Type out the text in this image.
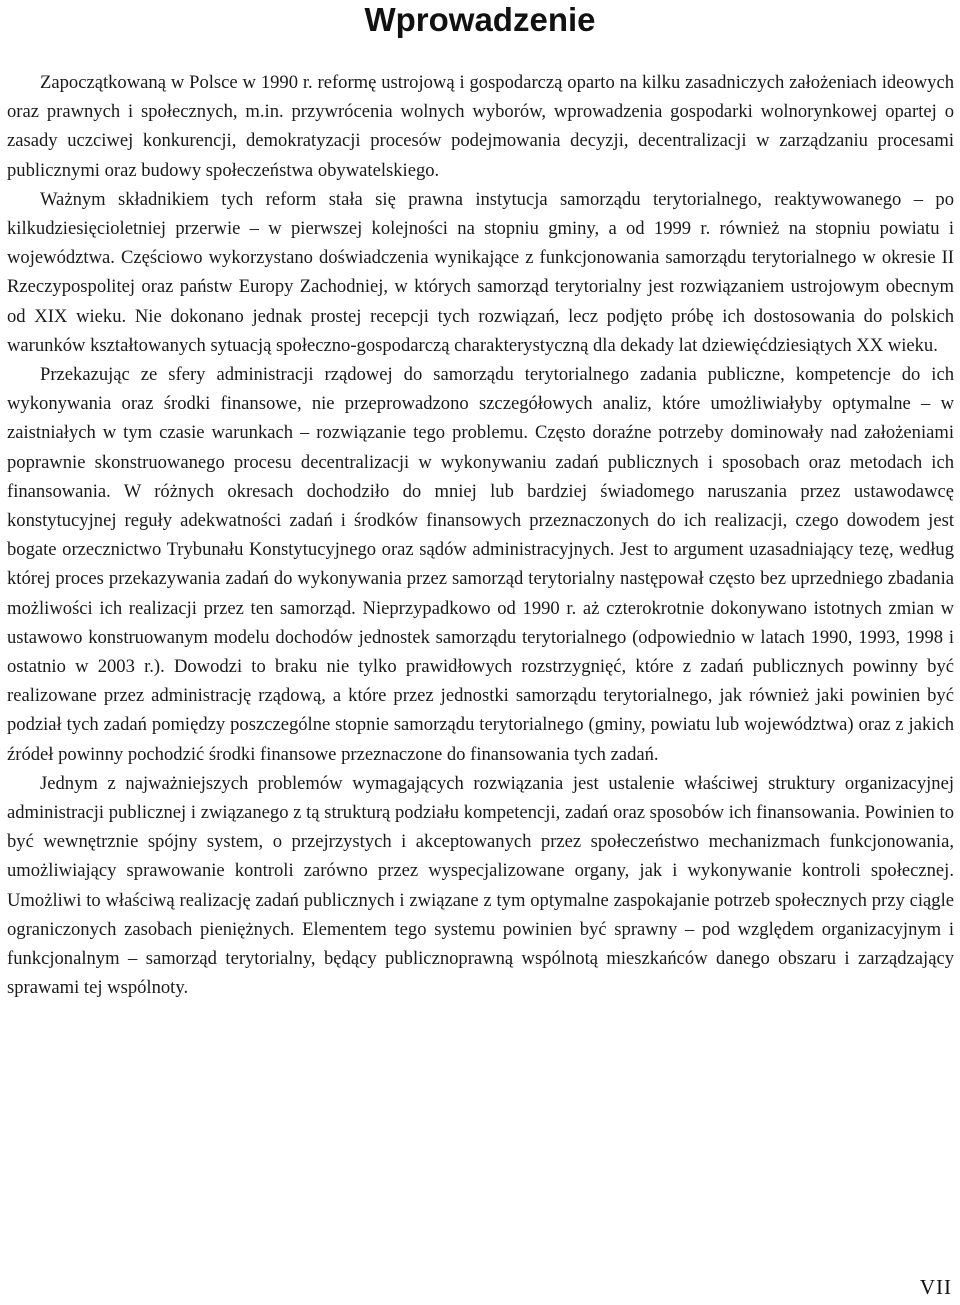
Wprowadzenie

Zapoczątkowaną w Polsce w 1990 r. reformę ustrojową i gospodarczą oparto na kilku zasadniczych założeniach ideowych oraz prawnych i społecznych, m.in. przywrócenia wolnych wyborów, wprowadzenia gospodarki wolnorynkowej opartej o zasady uczciwej konkurencji, demokratyzacji procesów podejmowania decyzji, decentralizacji w zarządzaniu procesami publicznymi oraz budowy społeczeństwa obywatelskiego.

Ważnym składnikiem tych reform stała się prawna instytucja samorządu terytorialnego, reaktywowanego – po kilkudziesięcioletniej przerwie – w pierwszej kolejności na stopniu gminy, a od 1999 r. również na stopniu powiatu i województwa. Częściowo wykorzystano doświadczenia wynikające z funkcjonowania samorządu terytorialnego w okresie II Rzeczypospolitej oraz państw Europy Zachodniej, w których samorząd terytorialny jest rozwiązaniem ustrojowym obecnym od XIX wieku. Nie dokonano jednak prostej recepcji tych rozwiązań, lecz podjęto próbę ich dostosowania do polskich warunków kształtowanych sytuacją społeczno-gospodarczą charakterystyczną dla dekady lat dziewięćdziesiątych XX wieku.

Przekazując ze sfery administracji rządowej do samorządu terytorialnego zadania publiczne, kompetencje do ich wykonywania oraz środki finansowe, nie przeprowadzono szczegółowych analiz, które umożliwiałyby optymalne – w zaistniałych w tym czasie warunkach – rozwiązanie tego problemu. Często doraźne potrzeby dominowały nad założeniami poprawnie skonstruowanego procesu decentralizacji w wykonywaniu zadań publicznych i sposobach oraz metodach ich finansowania. W różnych okresach dochodziło do mniej lub bardziej świadomego naruszania przez ustawodawcę konstytucyjnej reguły adekwatności zadań i środków finansowych przeznaczonych do ich realizacji, czego dowodem jest bogate orzecznictwo Trybunału Konstytucyjnego oraz sądów administracyjnych. Jest to argument uzasadniający tezę, według której proces przekazywania zadań do wykonywania przez samorząd terytorialny następował często bez uprzedniego zbadania możliwości ich realizacji przez ten samorząd. Nieprzypadkowo od 1990 r. aż czterokrotnie dokonywano istotnych zmian w ustawowo konstruowanym modelu dochodów jednostek samorządu terytorialnego (odpowiednio w latach 1990, 1993, 1998 i ostatnio w 2003 r.). Dowodzi to braku nie tylko prawidłowych rozstrzygnięć, które z zadań publicznych powinny być realizowane przez administrację rządową, a które przez jednostki samorządu terytorialnego, jak również jaki powinien być podział tych zadań pomiędzy poszczególne stopnie samorządu terytorialnego (gminy, powiatu lub województwa) oraz z jakich źródeł powinny pochodzić środki finansowe przeznaczone do finansowania tych zadań.

Jednym z najważniejszych problemów wymagających rozwiązania jest ustalenie właściwej struktury organizacyjnej administracji publicznej i związanego z tą strukturą podziału kompetencji, zadań oraz sposobów ich finansowania. Powinien to być wewnętrznie spójny system, o przejrzystych i akceptowanych przez społeczeństwo mechanizmach funkcjonowania, umożliwiający sprawowanie kontroli zarówno przez wyspecjalizowane organy, jak i wykonywanie kontroli społecznej. Umożliwi to właściwą realizację zadań publicznych i związane z tym optymalne zaspokajanie potrzeb społecznych przy ciągle ograniczonych zasobach pieniężnych. Elementem tego systemu powinien być sprawny – pod względem organizacyjnym i funkcjonalnym – samorząd terytorialny, będący publicznoprawną wspólnotą mieszkańców danego obszaru i zarządzający sprawami tej wspólnoty.

VII
